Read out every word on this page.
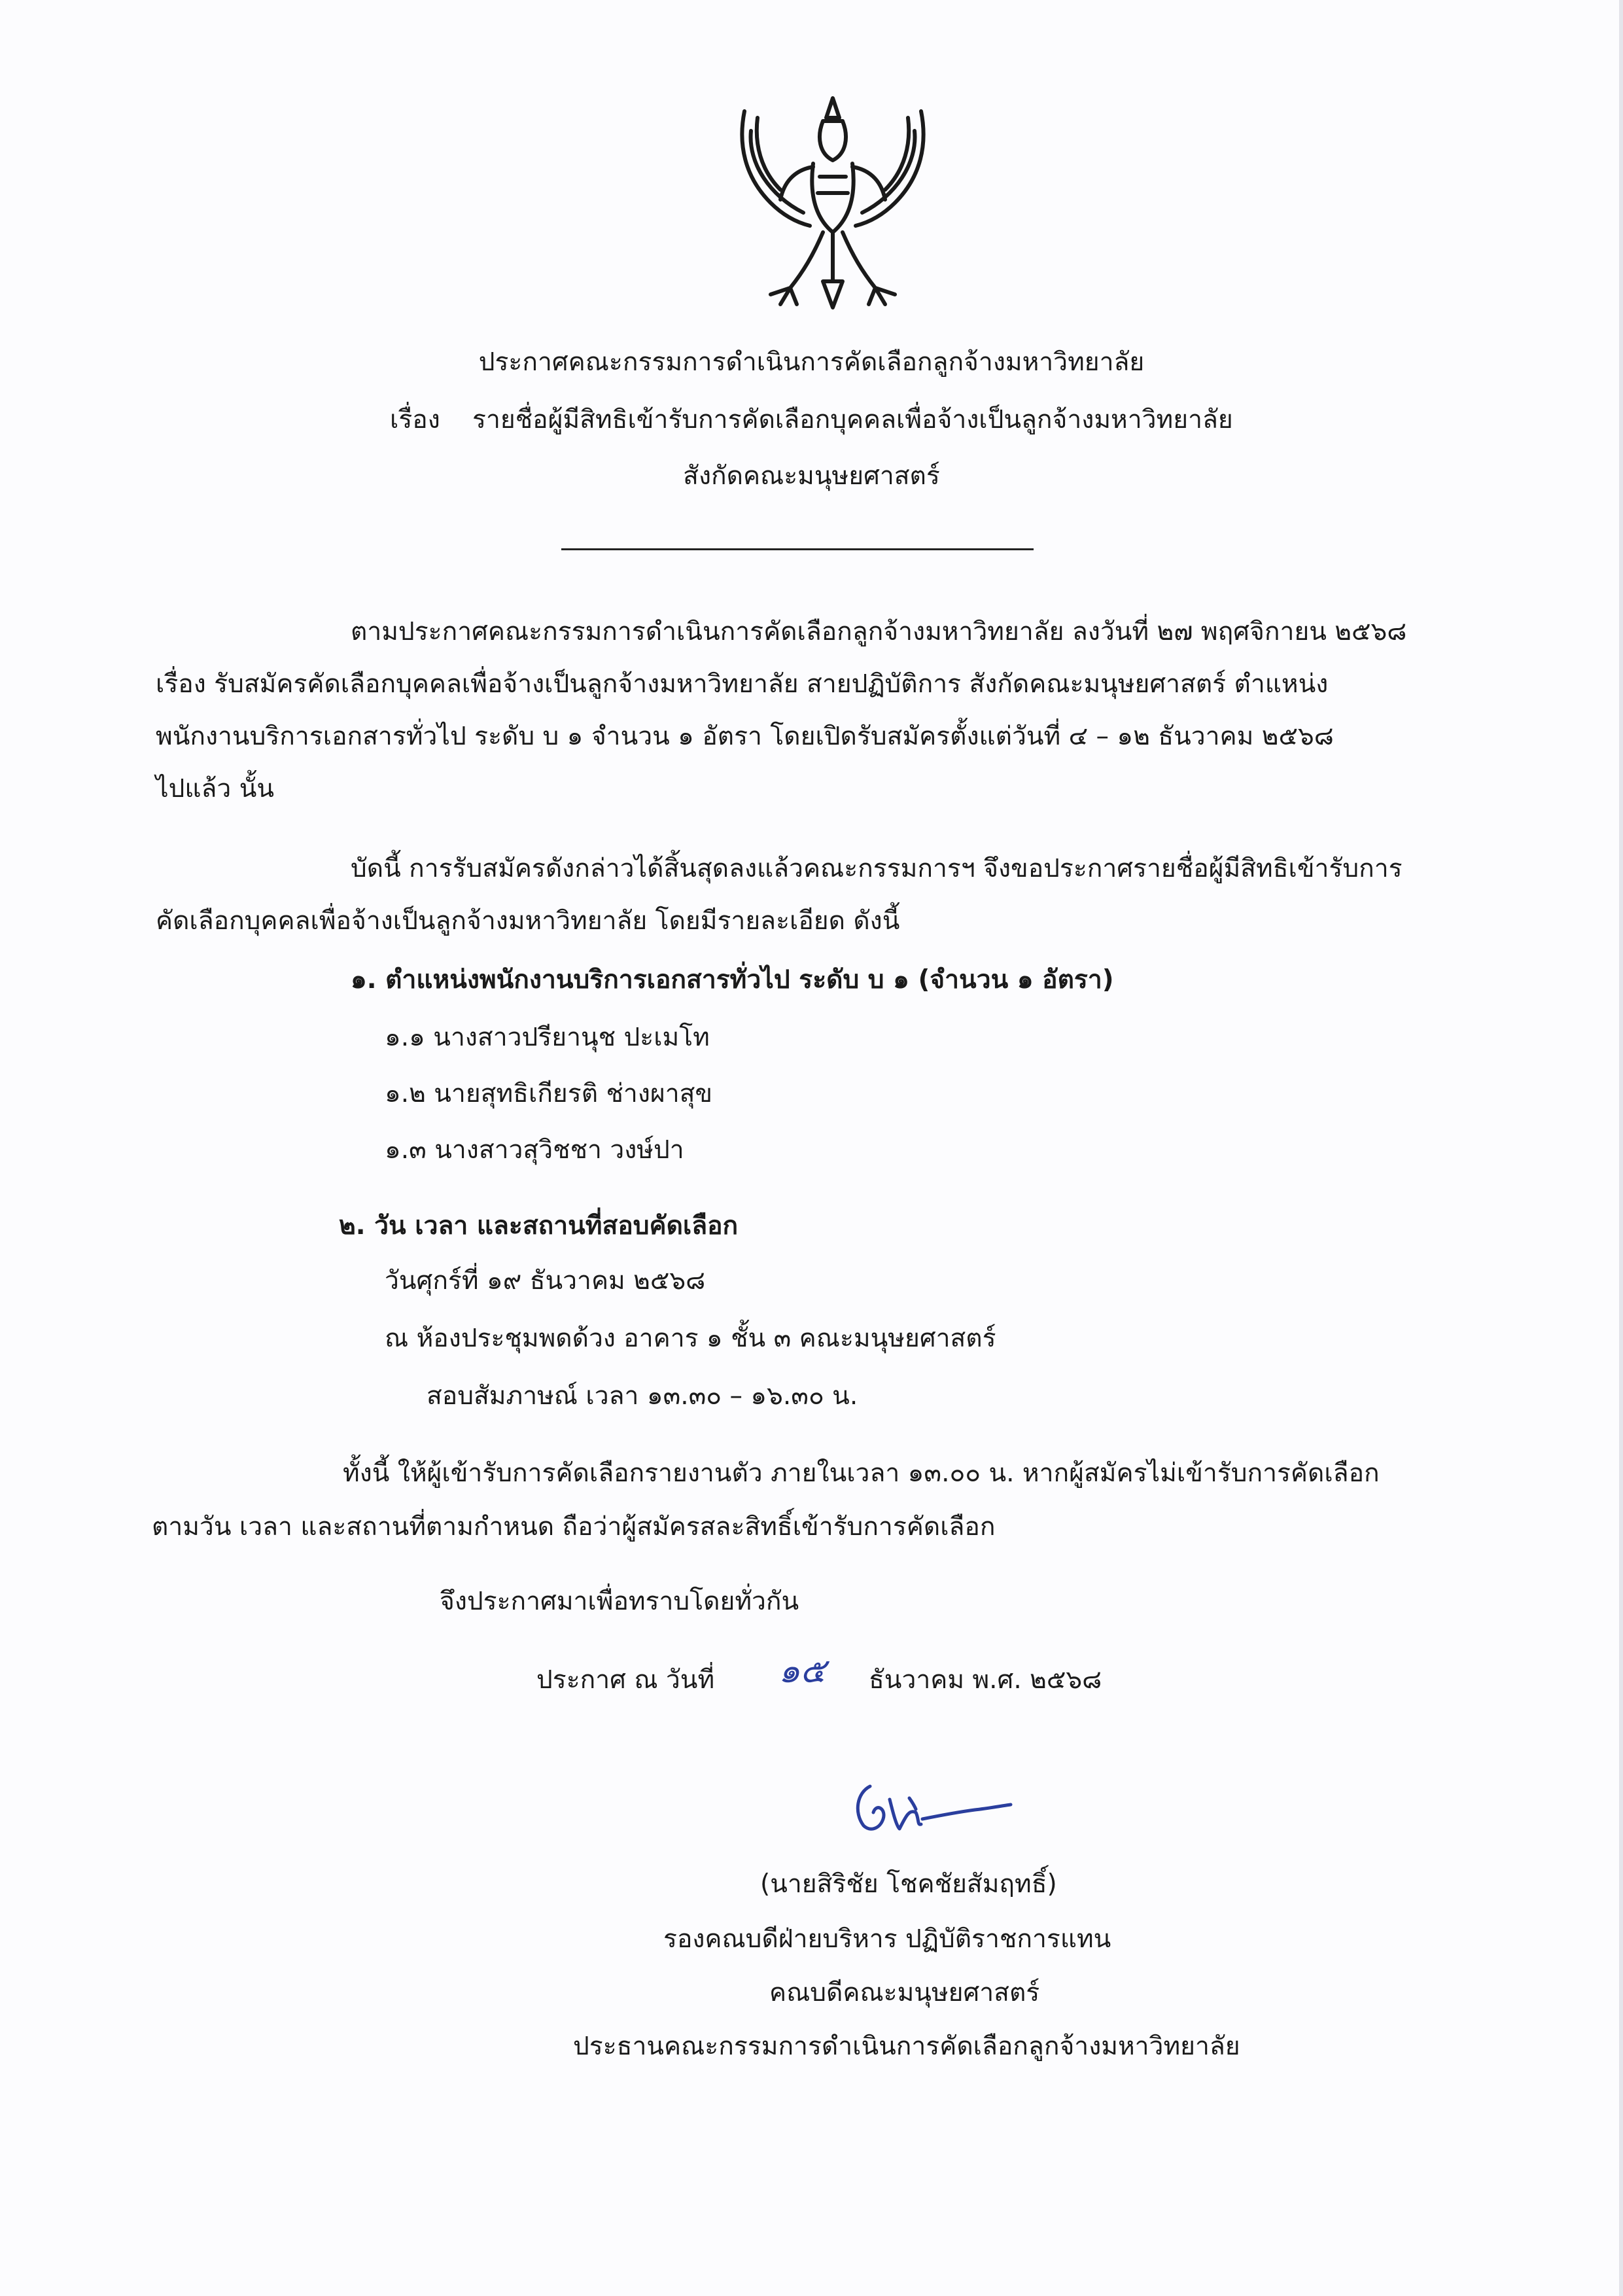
ประกาศคณะกรรมการดำเนินการคัดเลือกลูกจ้างมหาวิทยาลัย
เรื่อง รายชื่อผู้มีสิทธิเข้ารับการคัดเลือกบุคคลเพื่อจ้างเป็นลูกจ้างมหาวิทยาลัย
สังกัดคณะมนุษยศาสตร์
ตามประกาศคณะกรรมการดำเนินการคัดเลือกลูกจ้างมหาวิทยาลัย ลงวันที่ ๒๗ พฤศจิกายน ๒๕๖๘
เรื่อง รับสมัครคัดเลือกบุคคลเพื่อจ้างเป็นลูกจ้างมหาวิทยาลัย สายปฏิบัติการ สังกัดคณะมนุษยศาสตร์ ตำแหน่ง
พนักงานบริการเอกสารทั่วไป ระดับ บ ๑ จำนวน ๑ อัตรา โดยเปิดรับสมัครตั้งแต่วันที่ ๔ – ๑๒ ธันวาคม ๒๕๖๘
ไปแล้ว นั้น
บัดนี้ การรับสมัครดังกล่าวได้สิ้นสุดลงแล้วคณะกรรมการฯ จึงขอประกาศรายชื่อผู้มีสิทธิเข้ารับการ
คัดเลือกบุคคลเพื่อจ้างเป็นลูกจ้างมหาวิทยาลัย โดยมีรายละเอียด ดังนี้
๑. ตำแหน่งพนักงานบริการเอกสารทั่วไป ระดับ บ ๑ (จำนวน ๑ อัตรา)
๑.๑ นางสาวปรียานุช ปะเมโท
๑.๒ นายสุทธิเกียรติ ช่างผาสุข
๑.๓ นางสาวสุวิชชา วงษ์ปา
๒. วัน เวลา และสถานที่สอบคัดเลือก
วันศุกร์ที่ ๑๙ ธันวาคม ๒๕๖๘
ณ ห้องประชุมพดด้วง อาคาร ๑ ชั้น ๓ คณะมนุษยศาสตร์
สอบสัมภาษณ์ เวลา ๑๓.๓๐ – ๑๖.๓๐ น.
ทั้งนี้ ให้ผู้เข้ารับการคัดเลือกรายงานตัว ภายในเวลา ๑๓.๐๐ น. หากผู้สมัครไม่เข้ารับการคัดเลือก
ตามวัน เวลา และสถานที่ตามกำหนด ถือว่าผู้สมัครสละสิทธิ์เข้ารับการคัดเลือก
จึงประกาศมาเพื่อทราบโดยทั่วกัน
ประกาศ ณ วันที่ ๑๕ ธันวาคม พ.ศ. ๒๕๖๘
(นายสิริชัย โชคชัยสัมฤทธิ์)
รองคณบดีฝ่ายบริหาร ปฏิบัติราชการแทน
คณบดีคณะมนุษยศาสตร์
ประธานคณะกรรมการดำเนินการคัดเลือกลูกจ้างมหาวิทยาลัย
